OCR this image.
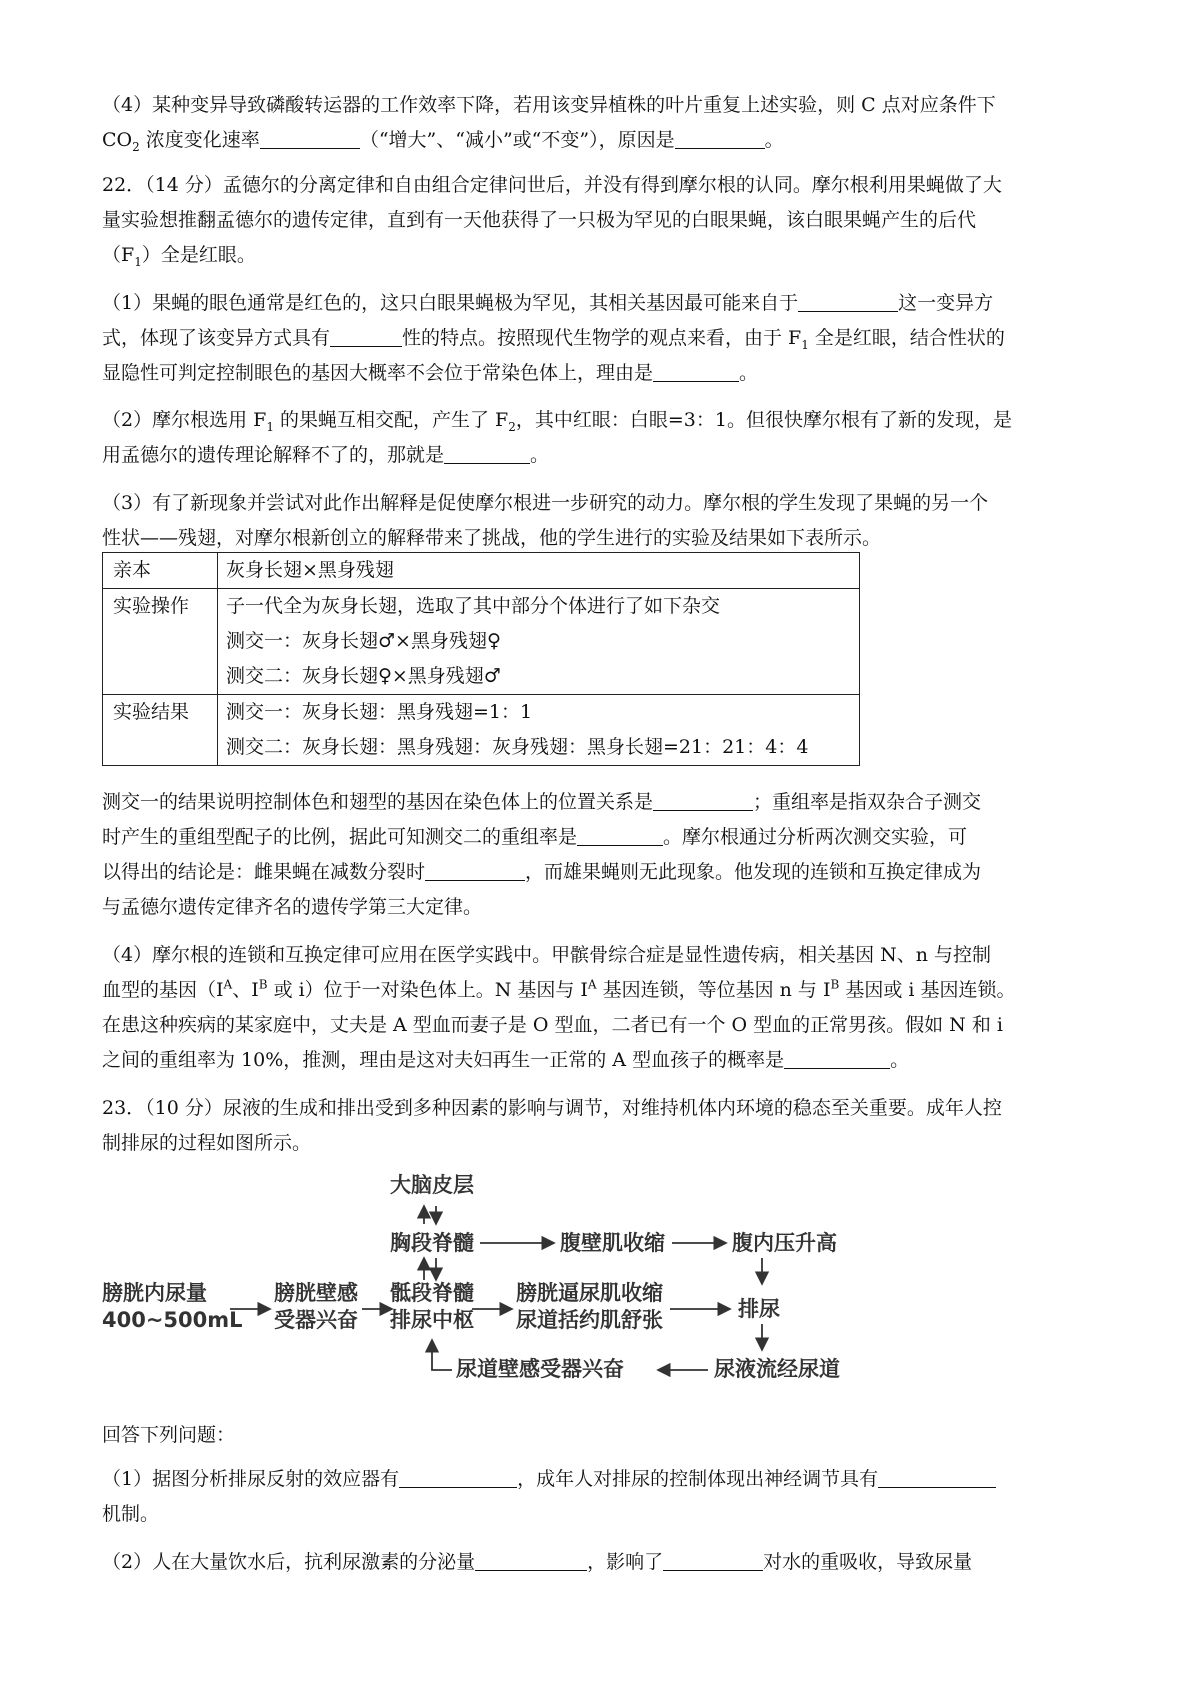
（4）某种变异导致磷酸转运器的工作效率下降，若用该变异植株的叶片重复上述实验，则 C 点对应条件下

$CO_2$ 浓度变化速率	（“增大”、“减小”或“不变”），原因是	。

22．（14 分）孟德尔的分离定律和自由组合定律问世后，并没有得到摩尔根的认同。摩尔根利用果蝇做了大

量实验想推翻孟德尔的遗传定律，直到有一天他获得了一只极为罕见的白眼果蝇，该白眼果蝇产生的后代

$(F_1)$全是红眼。

（1）果蝇的眼色通常是红色的，这只白眼果蝇极为罕见，其相关基因最可能来自于	这一变异方

式，体现了该变异方式具有	性的特点。按照现代生物学的观点来看，由于 $F_1$ 全是红眼，结合性状的

显隐性可判定控制眼色的基因大概率不会位于常染色体上，理由是	。

（2）摩尔根选用 $F_1$ 的果蝇互相交配，产生了 $F_2$，其中红眼：白眼=3：1。但很快摩尔根有了新的发现，是

用孟德尔的遗传理论解释不了的，那就是	。

（3）有了新现象并尝试对此作出解释是促使摩尔根进一步研究的动力。摩尔根的学生发现了果蝇的另一个

性状——残翅，对摩尔根新创立的解释带来了挑战，他的学生进行的实验及结果如下表所示。

亲本	灰身长翅×黑身残翅
实验操作	子一代全为灰身长翅，选取了其中部分个体进行了如下杂交
测交一：灰身长翅♂×黑身残翅♀
测交二：灰身长翅♀×黑身残翅♂

实验结果	测交一：灰身长翅：黑身残翅=1：1
测交二：灰身长翅：黑身残翅：灰身残翅：黑身长翅=21：21：4：4

测交一的结果说明控制体色和翅型的基因在染色体上的位置关系是	；重组率是指双杂合子测交

时产生的重组型配子的比例，据此可知测交二的重组率是	。摩尔根通过分析两次测交实验，可

以得出的结论是：雌果蝇在减数分裂时	，而雄果蝇则无此现象。他发现的连锁和互换定律成为

与孟德尔遗传定律齐名的遗传学第三大定律。

（4）摩尔根的连锁和互换定律可应用在医学实践中。甲髌骨综合症是显性遗传病，相关基因 N、n 与控制

血型的基因（$I^A$、$I^B$ 或 i）位于一对染色体上。N 基因与 $I^A$ 基因连锁，等位基因 n 与 $I^B$ 基因或 i 基因连锁。

在患这种疾病的某家庭中，丈夫是 A 型血而妻子是 O 型血，二者已有一个 O 型血的正常男孩。假如 N 和 i

之间的重组率为 10%，推测，理由是这对夫妇再生一正常的 A 型血孩子的概率是	。

23．（10 分）尿液的生成和排出受到多种因素的影响与调节，对维持机体内环境的稳态至关重要。成年人控

制排尿的过程如图所示。

大脑皮层
胸段脊髓	腹壁肌收缩	腹内压升高
膀胱内尿量
400~500mL
膀胱壁感
受器兴奋
骶段脊髓
排尿中枢
膀胱逼尿肌收缩
尿道括约肌舒张	排尿
尿道壁感受器兴奋	尿液流经尿道

回答下列问题：

（1）据图分析排尿反射的效应器有	，成年人对排尿的控制体现出神经调节具有

机制。

（2）人在大量饮水后，抗利尿激素的分泌量	，影响了	对水的重吸收，导致尿量
